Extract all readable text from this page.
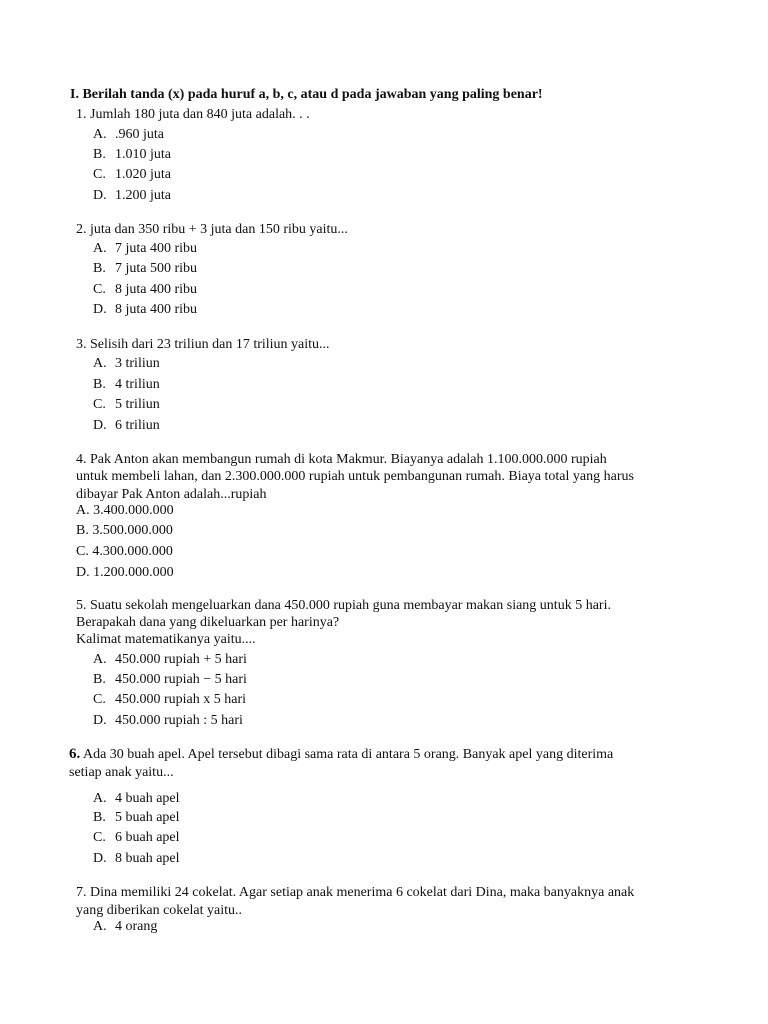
I. Berilah tanda (x) pada huruf a, b, c, atau d pada jawaban yang paling benar!
1. Jumlah 180 juta dan 840 juta adalah. . .
A. .960 juta
B. 1.010 juta
C. 1.020 juta
D. 1.200 juta
2. juta dan 350 ribu + 3 juta dan 150 ribu yaitu...
A. 7 juta 400 ribu
B. 7 juta 500 ribu
C. 8 juta 400 ribu
D. 8 juta 400 ribu
3. Selisih dari 23 triliun dan 17 triliun yaitu...
A. 3 triliun
B. 4 triliun
C. 5 triliun
D. 6 triliun
4. Pak Anton akan membangun rumah di kota Makmur. Biayanya adalah 1.100.000.000 rupiah
untuk membeli lahan, dan 2.300.000.000 rupiah untuk pembangunan rumah. Biaya total yang harus
dibayar Pak Anton adalah...rupiah
A. 3.400.000.000
B. 3.500.000.000
C. 4.300.000.000
D. 1.200.000.000
5. Suatu sekolah mengeluarkan dana 450.000 rupiah guna membayar makan siang untuk 5 hari.
Berapakah dana yang dikeluarkan per harinya?
Kalimat matematikanya yaitu....
A. 450.000 rupiah + 5 hari
B. 450.000 rupiah − 5 hari
C. 450.000 rupiah x 5 hari
D. 450.000 rupiah : 5 hari
6. Ada 30 buah apel. Apel tersebut dibagi sama rata di antara 5 orang. Banyak apel yang diterima
setiap anak yaitu...
A. 4 buah apel
B. 5 buah apel
C. 6 buah apel
D. 8 buah apel
7. Dina memiliki 24 cokelat. Agar setiap anak menerima 6 cokelat dari Dina, maka banyaknya anak
yang diberikan cokelat yaitu..
A. 4 orang
